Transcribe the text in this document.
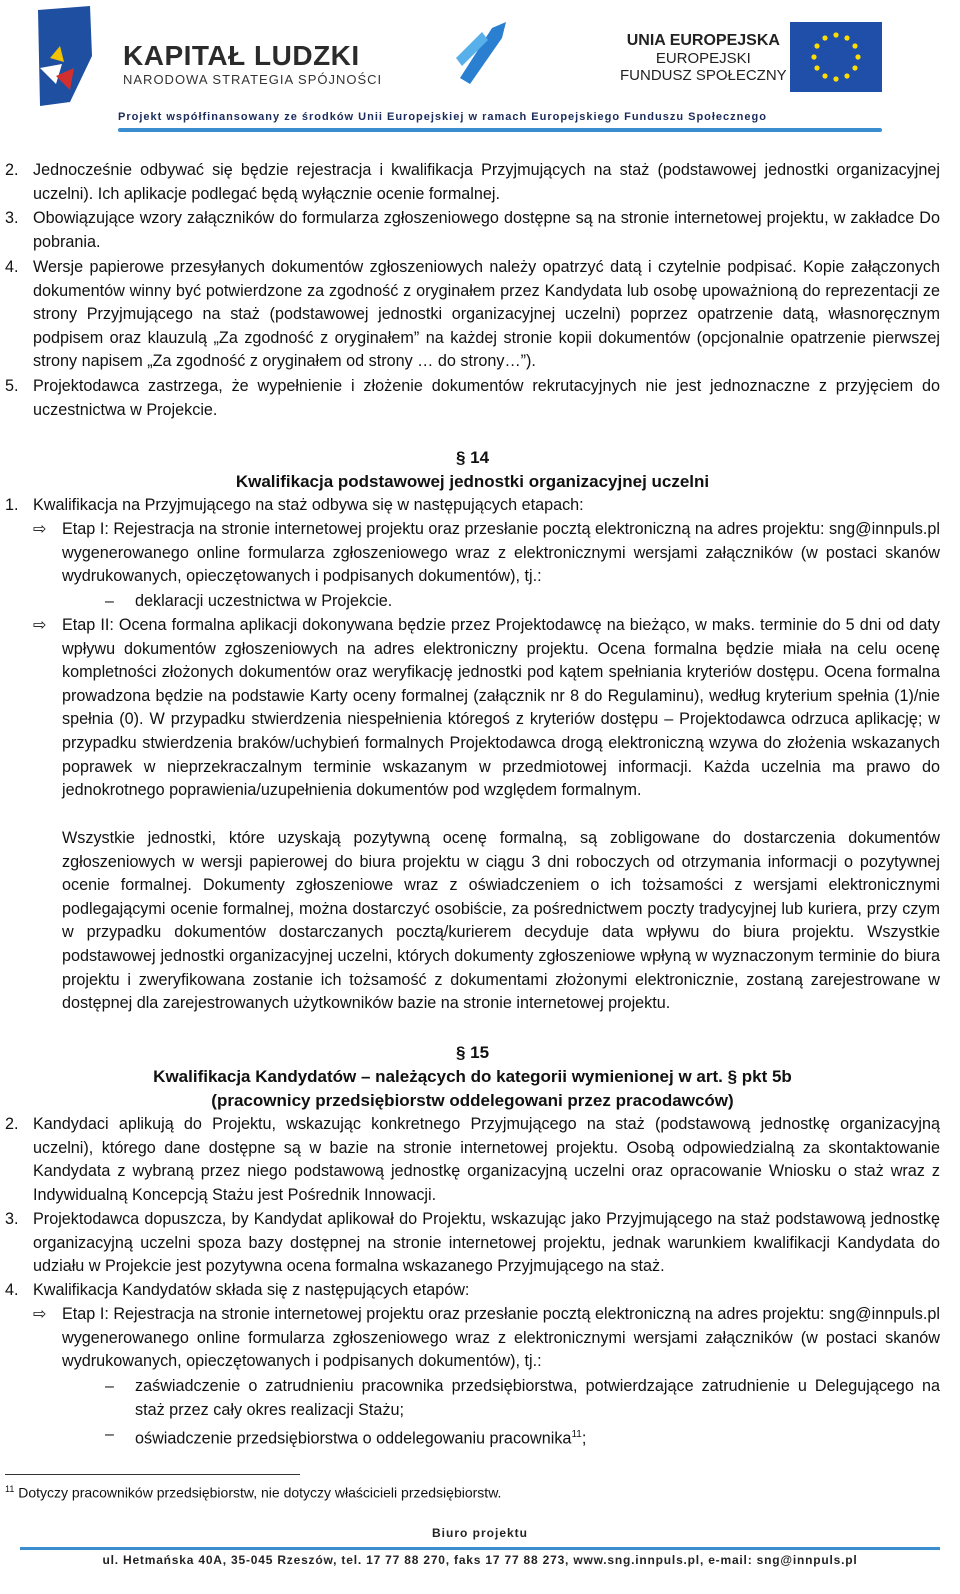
KAPITAŁ LUDZKI
NARODOWA STRATEGIA SPÓJNOŚCI
UNIA EUROPEJSKA
EUROPEJSKI
FUNDUSZ SPOŁECZNY
Projekt współfinansowany ze środków Unii Europejskiej w ramach Europejskiego Funduszu Społecznego
2. Jednocześnie odbywać się będzie rejestracja i kwalifikacja Przyjmujących na staż (podstawowej jednostki organizacyjnej uczelni). Ich aplikacje podlegać będą wyłącznie ocenie formalnej.
3. Obowiązujące wzory załączników do formularza zgłoszeniowego dostępne są na stronie internetowej projektu, w zakładce Do pobrania.
4. Wersje papierowe przesyłanych dokumentów zgłoszeniowych należy opatrzyć datą i czytelnie podpisać. Kopie załączonych dokumentów winny być potwierdzone za zgodność z oryginałem przez Kandydata lub osobę upoważnioną do reprezentacji ze strony Przyjmującego na staż (podstawowej jednostki organizacyjnej uczelni) poprzez opatrzenie datą, własnoręcznym podpisem oraz klauzulą „Za zgodność z oryginałem” na każdej stronie kopii dokumentów (opcjonalnie opatrzenie pierwszej strony napisem „Za zgodność z oryginałem od strony … do strony…”).
5. Projektodawca zastrzega, że wypełnienie i złożenie dokumentów rekrutacyjnych nie jest jednoznaczne z przyjęciem do uczestnictwa w Projekcie.
§ 14
Kwalifikacja podstawowej jednostki organizacyjnej uczelni
1. Kwalifikacja na Przyjmującego na staż odbywa się w następujących etapach:
⇨ Etap I: Rejestracja na stronie internetowej projektu oraz przesłanie pocztą elektroniczną na adres projektu: sng@innpuls.pl wygenerowanego online formularza zgłoszeniowego wraz z elektronicznymi wersjami załączników (w postaci skanów wydrukowanych, opieczętowanych i podpisanych dokumentów), tj.:
– deklaracji uczestnictwa w Projekcie.
⇨ Etap II: Ocena formalna aplikacji dokonywana będzie przez Projektodawcę na bieżąco, w maks. terminie do 5 dni od daty wpływu dokumentów zgłoszeniowych na adres elektroniczny projektu. Ocena formalna będzie miała na celu ocenę kompletności złożonych dokumentów oraz weryfikację jednostki pod kątem spełniania kryteriów dostępu. Ocena formalna prowadzona będzie na podstawie Karty oceny formalnej (załącznik nr 8 do Regulaminu), według kryterium spełnia (1)/nie spełnia (0). W przypadku stwierdzenia niespełnienia któregoś z kryteriów dostępu – Projektodawca odrzuca aplikację; w przypadku stwierdzenia braków/uchybień formalnych Projektodawca drogą elektroniczną wzywa do złożenia wskazanych poprawek w nieprzekraczalnym terminie wskazanym w przedmiotowej informacji. Każda uczelnia ma prawo do jednokrotnego poprawienia/uzupełnienia dokumentów pod względem formalnym.
Wszystkie jednostki, które uzyskają pozytywną ocenę formalną, są zobligowane do dostarczenia dokumentów zgłoszeniowych w wersji papierowej do biura projektu w ciągu 3 dni roboczych od otrzymania informacji o pozytywnej ocenie formalnej. Dokumenty zgłoszeniowe wraz z oświadczeniem o ich tożsamości z wersjami elektronicznymi podlegającymi ocenie formalnej, można dostarczyć osobiście, za pośrednictwem poczty tradycyjnej lub kuriera, przy czym w przypadku dokumentów dostarczanych pocztą/kurierem decyduje data wpływu do biura projektu. Wszystkie podstawowej jednostki organizacyjnej uczelni, których dokumenty zgłoszeniowe wpłyną w wyznaczonym terminie do biura projektu i zweryfikowana zostanie ich tożsamość z dokumentami złożonymi elektronicznie, zostaną zarejestrowane w dostępnej dla zarejestrowanych użytkowników bazie na stronie internetowej projektu.
§ 15
Kwalifikacja Kandydatów – należących do kategorii wymienionej w art. § pkt 5b
(pracownicy przedsiębiorstw oddelegowani przez pracodawców)
2. Kandydaci aplikują do Projektu, wskazując konkretnego Przyjmującego na staż (podstawową jednostkę organizacyjną uczelni), którego dane dostępne są w bazie na stronie internetowej projektu. Osobą odpowiedzialną za skontaktowanie Kandydata z wybraną przez niego podstawową jednostkę organizacyjną uczelni oraz opracowanie Wniosku o staż wraz z Indywidualną Koncepcją Stażu jest Pośrednik Innowacji.
3. Projektodawca dopuszcza, by Kandydat aplikował do Projektu, wskazując jako Przyjmującego na staż podstawową jednostkę organizacyjną uczelni spoza bazy dostępnej na stronie internetowej projektu, jednak warunkiem kwalifikacji Kandydata do udziału w Projekcie jest pozytywna ocena formalna wskazanego Przyjmującego na staż.
4. Kwalifikacja Kandydatów składa się z następujących etapów:
⇨ Etap I: Rejestracja na stronie internetowej projektu oraz przesłanie pocztą elektroniczną na adres projektu: sng@innpuls.pl wygenerowanego online formularza zgłoszeniowego wraz z elektronicznymi wersjami załączników (w postaci skanów wydrukowanych, opieczętowanych i podpisanych dokumentów), tj.:
– zaświadczenie o zatrudnieniu pracownika przedsiębiorstwa, potwierdzające zatrudnienie u Delegującego na staż przez cały okres realizacji Stażu;
– oświadczenie przedsiębiorstwa o oddelegowaniu pracownika$^{11}$;
$^{11}$ Dotyczy pracowników przedsiębiorstw, nie dotyczy właścicieli przedsiębiorstw.
Biuro projektu
ul. Hetmańska 40A, 35-045 Rzeszów, tel. 17 77 88 270, faks 17 77 88 273, www.sng.innpuls.pl, e-mail: sng@innpuls.pl
